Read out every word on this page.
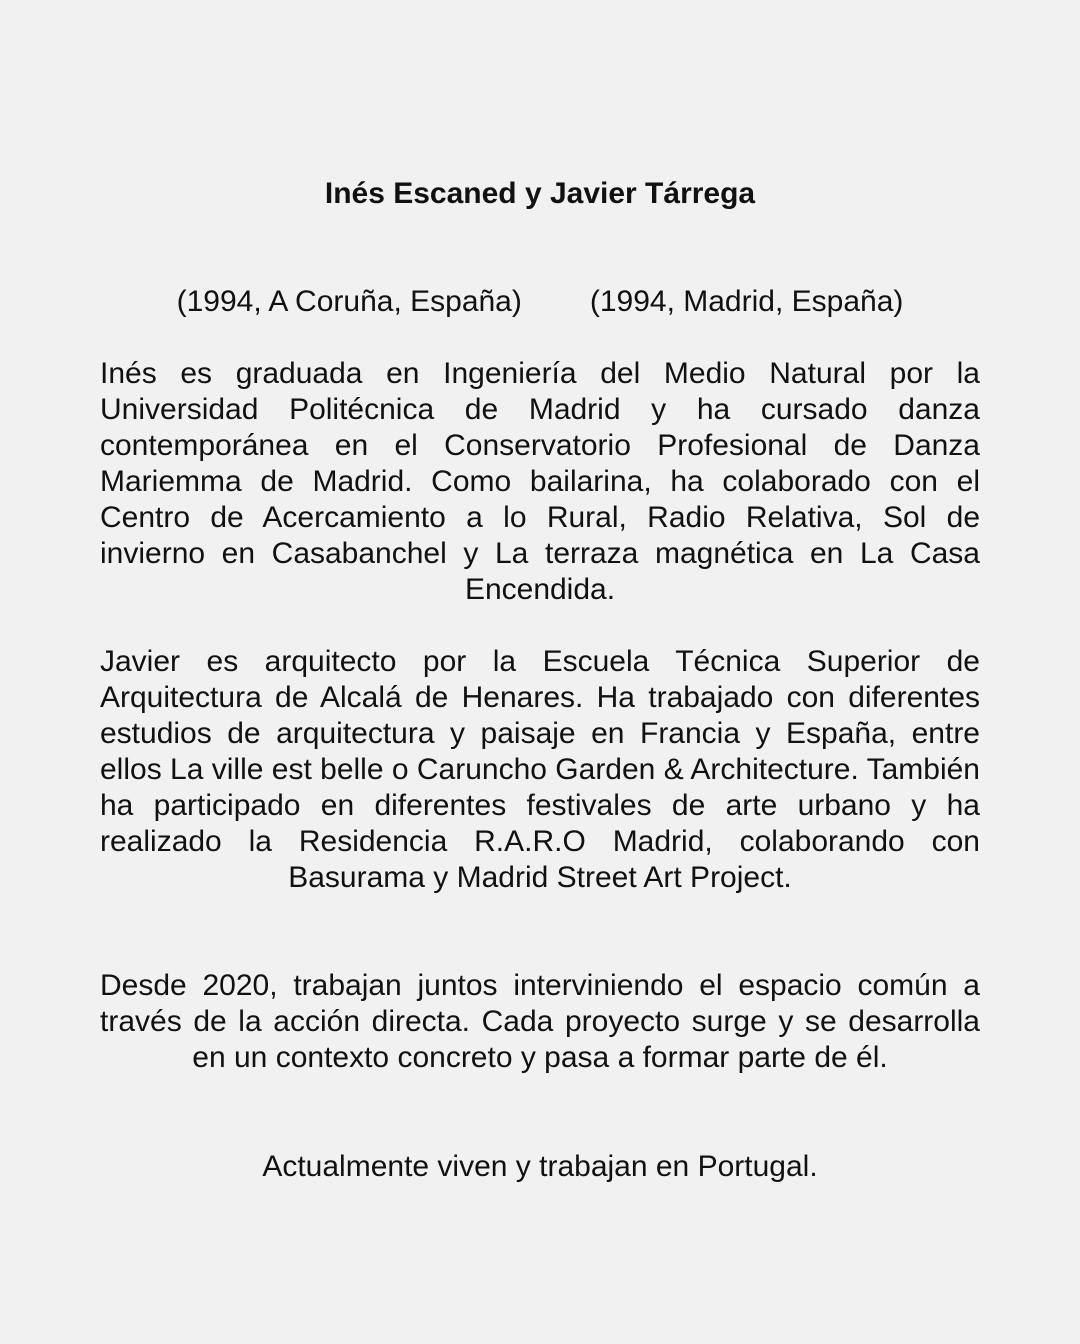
Inés Escaned y Javier Tárrega
(1994, A Coruña, España) (1994, Madrid, España)

Inés es graduada en Ingeniería del Medio Natural por la Universidad Politécnica de Madrid y ha cursado danza contemporánea en el Conservatorio Profesional de Danza Mariemma de Madrid. Como bailarina, ha colaborado con el Centro de Acercamiento a lo Rural, Radio Relativa, Sol de invierno en Casabanchel y La terraza magnética en La Casa Encendida.

Javier es arquitecto por la Escuela Técnica Superior de Arquitectura de Alcalá de Henares. Ha trabajado con diferentes estudios de arquitectura y paisaje en Francia y España, entre ellos La ville est belle o Caruncho Garden & Architecture. También ha participado en diferentes festivales de arte urbano y ha realizado la Residencia R.A.R.O Madrid, colaborando con Basurama y Madrid Street Art Project.

Desde 2020, trabajan juntos interviniendo el espacio común a través de la acción directa. Cada proyecto surge y se desarrolla en un contexto concreto y pasa a formar parte de él.

Actualmente viven y trabajan en Portugal.
